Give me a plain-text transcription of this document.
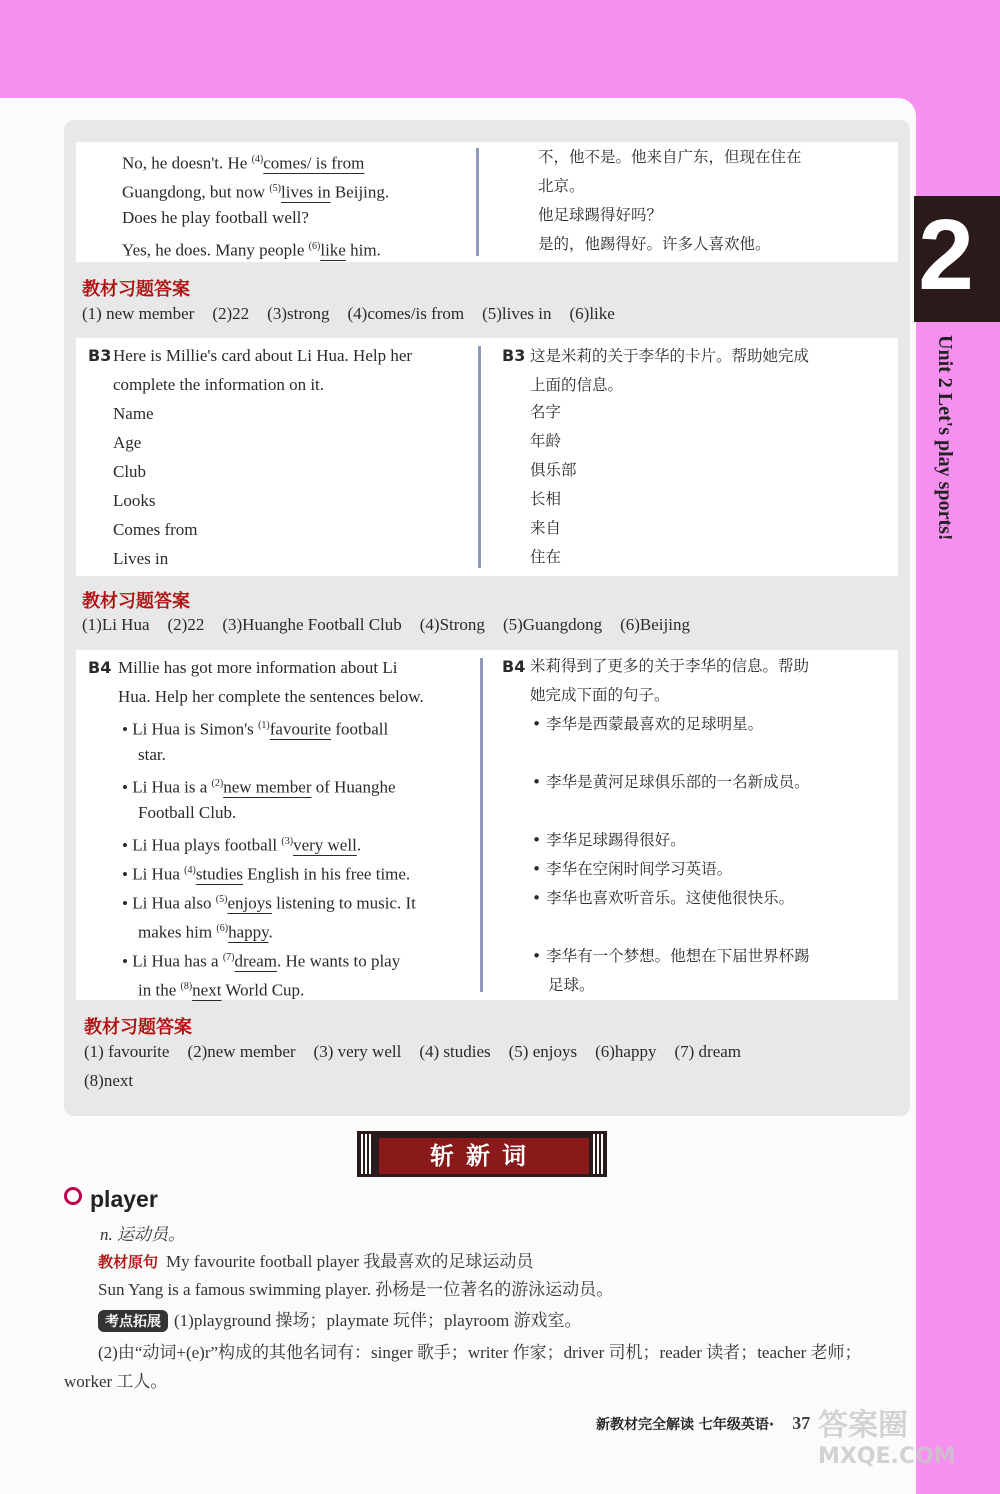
No, he doesn't. He $^{(4)}$comes/ is from
Guangdong, but now $^{(5)}$lives in Beijing.
Does he play football well?
Yes, he does. Many people $^{(6)}$like him.
不，他不是。他来自广东，但现在住在
北京。
他足球踢得好吗？
是的，他踢得好。许多人喜欢他。
教材习题答案
(1) new member (2)22 (3)strong (4)comes/is from (5)lives in (6)like
B3 Here is Millie's card about Li Hua. Help her
complete the information on it.
Name
Age
Club
Looks
Comes from
Lives in
B3 这是米莉的关于李华的卡片。帮助她完成
上面的信息。
名字
年龄
俱乐部
长相
来自
住在
教材习题答案
(1)Li Hua (2)22 (3)Huanghe Football Club (4)Strong (5)Guangdong (6)Beijing
B4 Millie has got more information about Li
Hua. Help her complete the sentences below.
• Li Hua is Simon's $^{(1)}$favourite football
star.
• Li Hua is a $^{(2)}$new member of Huanghe
Football Club.
• Li Hua plays football $^{(3)}$very well.
• Li Hua $^{(4)}$studies English in his free time.
• Li Hua also $^{(5)}$enjoys listening to music. It
makes him $^{(6)}$happy.
• Li Hua has a $^{(7)}$dream. He wants to play
in the $^{(8)}$next World Cup.
B4 米莉得到了更多的关于李华的信息。帮助
她完成下面的句子。
• 李华是西蒙最喜欢的足球明星。
• 李华是黄河足球俱乐部的一名新成员。
• 李华足球踢得很好。
• 李华在空闲时间学习英语。
• 李华也喜欢听音乐。这使他很快乐。
• 李华有一个梦想。他想在下届世界杯踢
足球。
教材习题答案
(1) favourite (2)new member (3) very well (4) studies (5) enjoys (6)happy (7) dream
(8)next
斩新词
player
n. 运动员。
教材原句 My favourite football player 我最喜欢的足球运动员
Sun Yang is a famous swimming player. 孙杨是一位著名的游泳运动员。
考点拓展 (1)playground 操场；playmate 玩伴；playroom 游戏室。
(2)由“动词+(e)r”构成的其他名词有：singer 歌手；writer 作家；driver 司机；reader 读者；teacher 老师；
worker 工人。
2
Unit 2 Let's play sports!
新教材完全解读 七年级英语· 37 答案圈
MXQE.COM
